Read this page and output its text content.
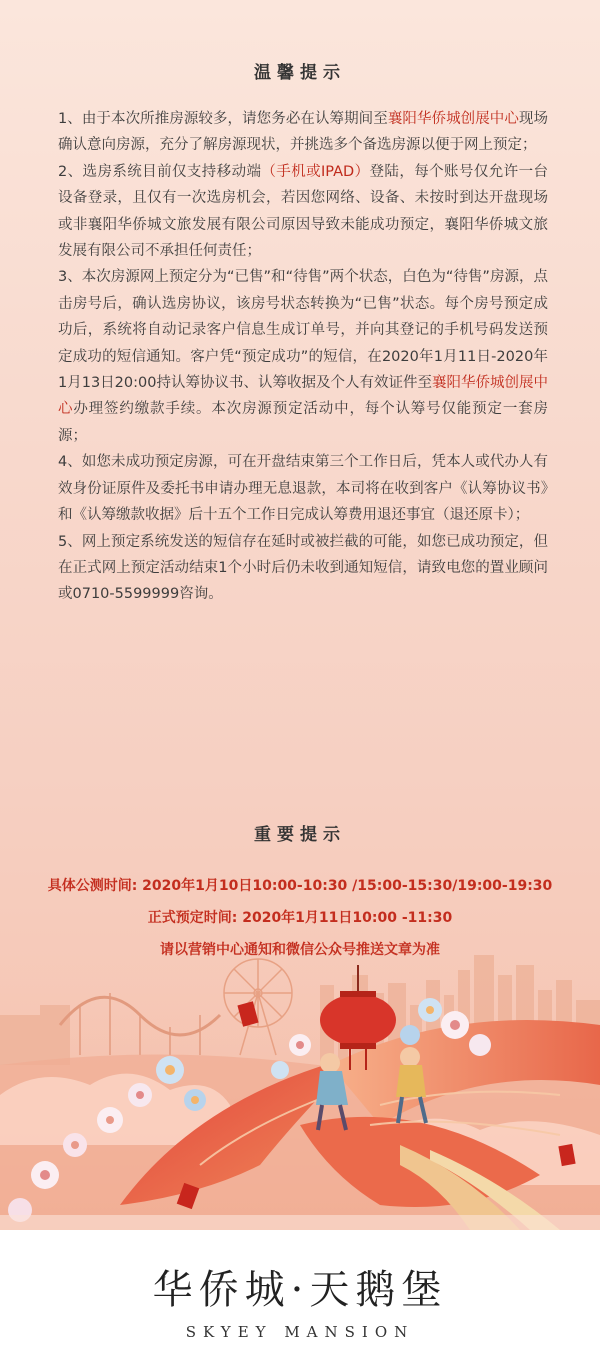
温馨提示

1、由于本次所推房源较多，请您务必在认筹期间至襄阳华侨城创展中心现场确认意向房源，充分了解房源现状，并挑选多个备选房源以便于网上预定；

2、选房系统目前仅支持移动端（手机或IPAD）登陆，每个账号仅允许一台设备登录，且仅有一次选房机会，若因您网络、设备、未按时到达开盘现场或非襄阳华侨城文旅发展有限公司原因导致未能成功预定，襄阳华侨城文旅发展有限公司不承担任何责任；

3、本次房源网上预定分为“已售”和“待售”两个状态，白色为“待售”房源，点击房号后，确认选房协议，该房号状态转换为“已售”状态。每个房号预定成功后，系统将自动记录客户信息生成订单号，并向其登记的手机号码发送预定成功的短信通知。客户凭“预定成功”的短信，在2020年1月11日-2020年1月13日20:00持认筹协议书、认筹收据及个人有效证件至襄阳华侨城创展中心办理签约缴款手续。本次房源预定活动中，每个认筹号仅能预定一套房源；

4、如您未成功预定房源，可在开盘结束第三个工作日后，凭本人或代办人有效身份证原件及委托书申请办理无息退款，本司将在收到客户《认筹协议书》和《认筹缴款收据》后十五个工作日完成认筹费用退还事宜（退还原卡）；

5、网上预定系统发送的短信存在延时或被拦截的可能，如您已成功预定，但在正式网上预定活动结束1个小时后仍未收到通知短信，请致电您的置业顾问或0710-5599999咨询。

重要提示
具体公测时间: 2020年1月10日10:00-10:30 /15:00-15:30/19:00-19:30
正式预定时间: 2020年1月11日10:00 -11:30
华侨城·天鹅堡
SKYEY MANSION
